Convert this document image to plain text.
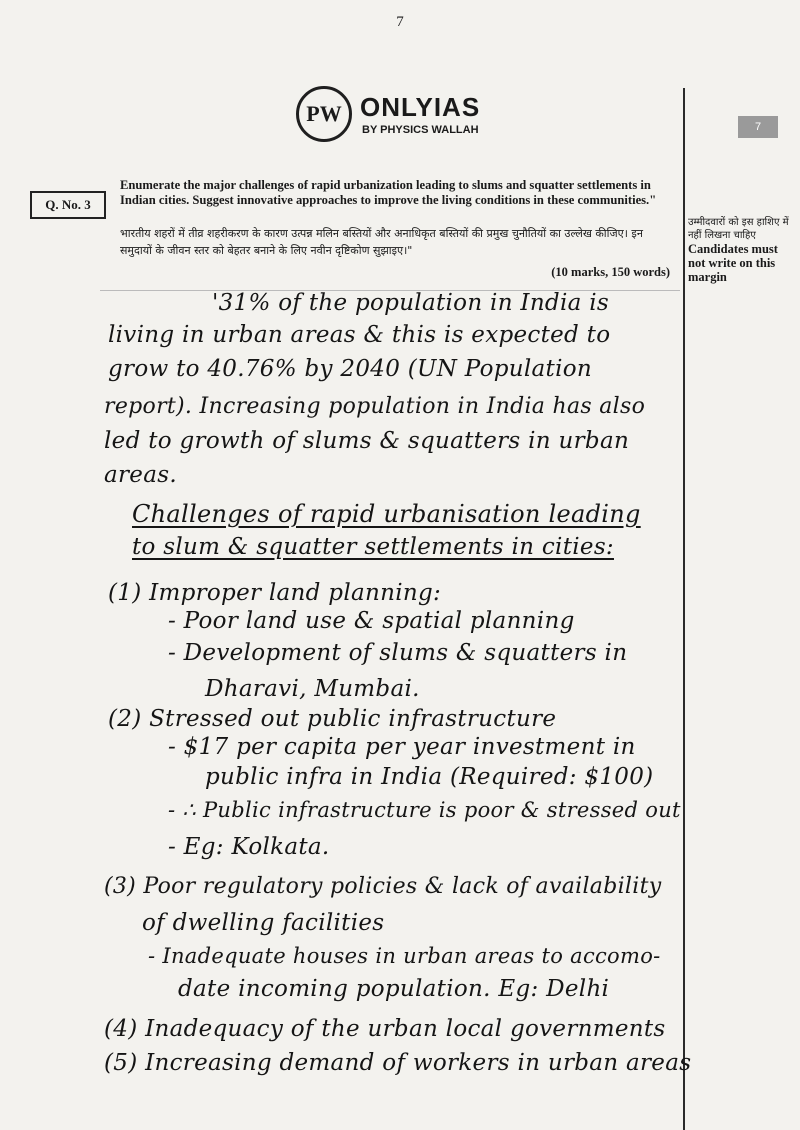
7
7
PW ONLYIAS
BY PHYSICS WALLAH
Q. No. 3
Enumerate the major challenges of rapid urbanization leading to slums and squatter settlements in Indian cities. Suggest innovative approaches to improve the living conditions in these communities."
भारतीय शहरों में तीव्र शहरीकरण के कारण उत्पन्न मलिन बस्तियों और अनाधिकृत बस्तियों की प्रमुख चुनौतियों का उल्लेख कीजिए। इन समुदायों के जीवन स्तर को बेहतर बनाने के लिए नवीन दृष्टिकोण सुझाइए।"
(10 marks, 150 words)
उम्मीदवारों को इस हाशिए में नहीं लिखना चाहिए
Candidates must not write on this margin
'31% of the population in India is
living in urban areas & this is expected to
grow to 40.76% by 2040 (UN Population
report). Increasing population in India has also
led to growth of slums & squatters in urban
areas.
Challenges of rapid urbanisation leading
to slum & squatter settlements in cities:
(1) Improper land planning:
- Poor land use & spatial planning
- Development of slums & squatters in
Dharavi, Mumbai.
(2) Stressed out public infrastructure
- $17 per capita per year investment in
public infra in India (Required: $100)
- ∴ Public infrastructure is poor & stressed out
- Eg: Kolkata.
(3) Poor regulatory policies & lack of availability
of dwelling facilities
- Inadequate houses in urban areas to accomo-
date incoming population. Eg: Delhi
(4) Inadequacy of the urban local governments
(5) Increasing demand of workers in urban areas
